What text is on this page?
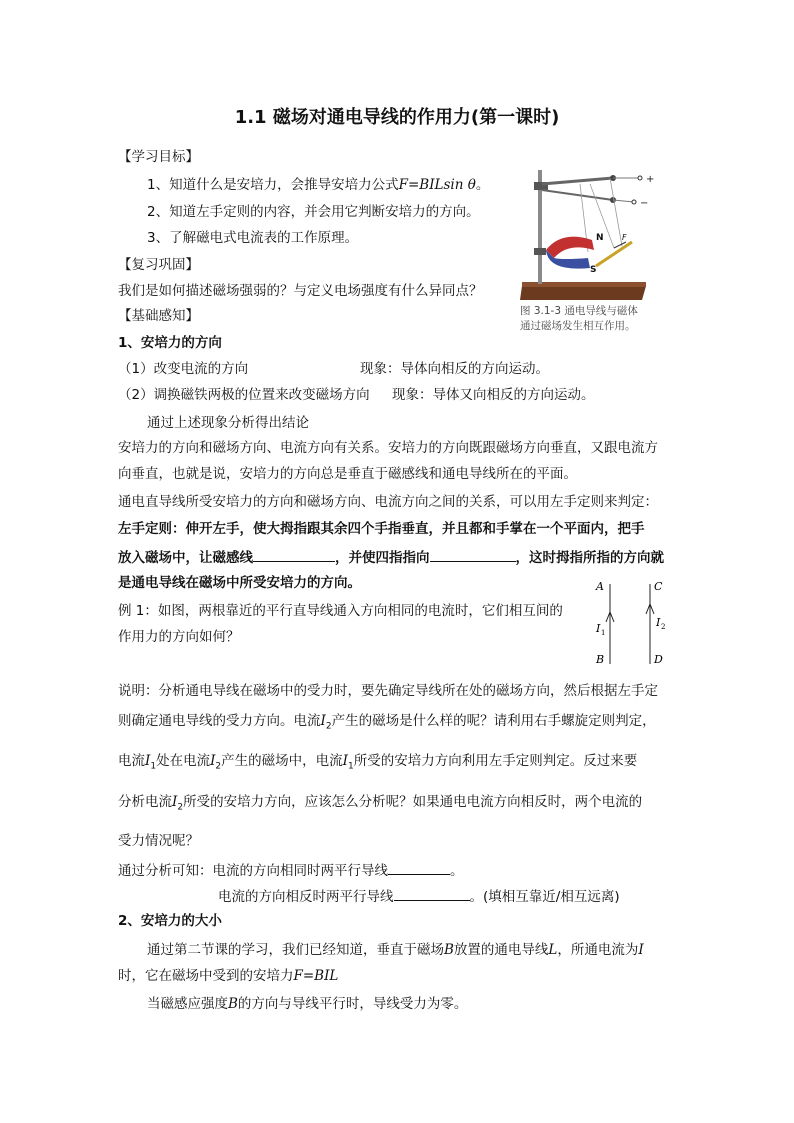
1.1 磁场对通电导线的作用力(第一课时)
【学习目标】
1、知道什么是安培力，会推导安培力公式F=BILsin θ。
2、知道左手定则的内容，并会用它判断安培力的方向。
3、了解磁电式电流表的工作原理。
【复习巩固】
我们是如何描述磁场强弱的？与定义电场强度有什么异同点？
【基础感知】
+
−
N
S
F
图 3.1-3 通电导线与磁体
通过磁场发生相互作用。
1、安培力的方向
（1）改变电流的方向	现象：导体向相反的方向运动。
（2）调换磁铁两极的位置来改变磁场方向 现象：导体又向相反的方向运动。
通过上述现象分析得出结论
安培力的方向和磁场方向、电流方向有关系。安培力的方向既跟磁场方向垂直，又跟电流方
向垂直，也就是说，安培力的方向总是垂直于磁感线和通电导线所在的平面。
通电直导线所受安培力的方向和磁场方向、电流方向之间的关系，可以用左手定则来判定：
左手定则：伸开左手，使大拇指跟其余四个手指垂直，并且都和手掌在一个平面内，把手
放入磁场中，让磁感线	，并使四指指向	，这时拇指所指的方向就
是通电导线在磁场中所受安培力的方向。
例 1：如图，两根靠近的平行直导线通入方向相同的电流时，它们相互间的
作用力的方向如何？
A
B
C
D
I 1
I 2
说明：分析通电导线在磁场中的受力时，要先确定导线所在处的磁场方向，然后根据左手定
则确定通电导线的受力方向。电流$I_2$产生的磁场是什么样的呢？请利用右手螺旋定则判定，
电流$I_1$处在电流$I_2$产生的磁场中，电流$I_1$所受的安培力方向利用左手定则判定。反过来要
分析电流$I_2$所受的安培力方向，应该怎么分析呢？如果通电电流方向相反时，两个电流的
受力情况呢？
通过分析可知：电流的方向相同时两平行导线	。
电流的方向相反时两平行导线	。(填相互靠近/相互远离)
2、安培力的大小
通过第二节课的学习，我们已经知道，垂直于磁场B放置的通电导线L，所通电流为I
时，它在磁场中受到的安培力F=BIL
当磁感应强度B的方向与导线平行时，导线受力为零。
